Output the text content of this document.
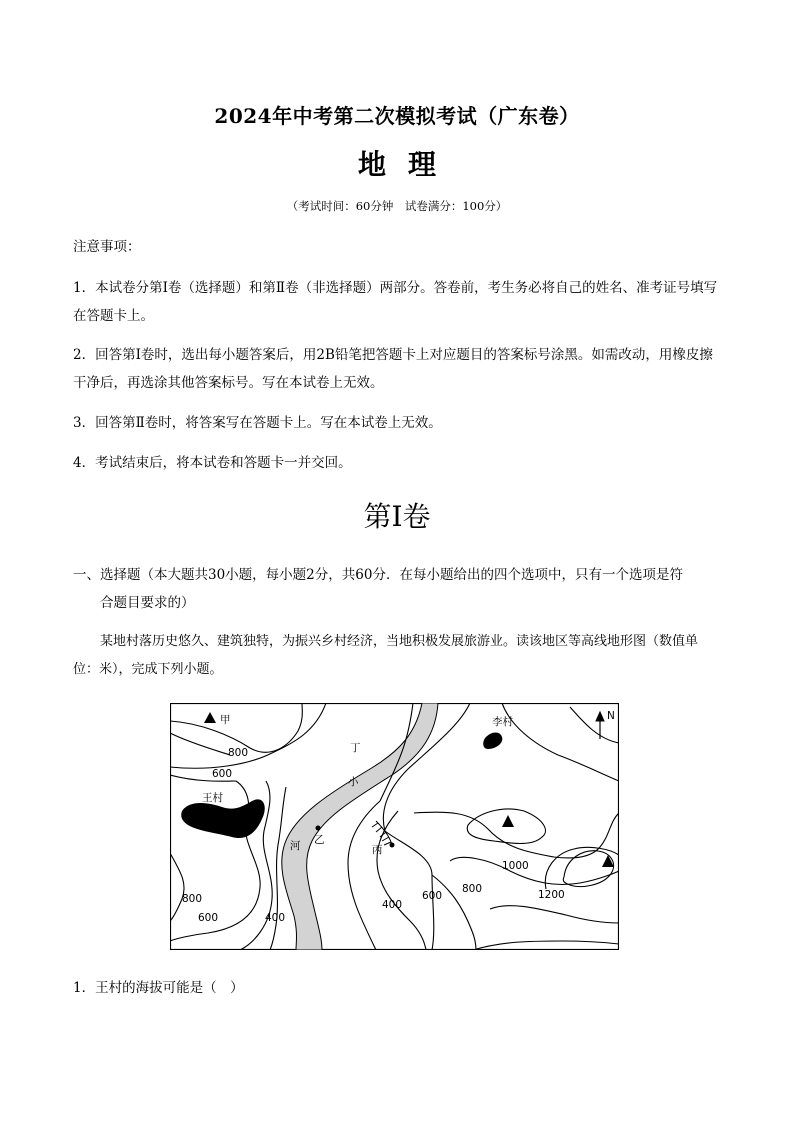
2024年中考第二次模拟考试（广东卷）
地理
（考试时间：60分钟　试卷满分：100分）
注意事项：
1．本试卷分第Ⅰ卷（选择题）和第Ⅱ卷（非选择题）两部分。答卷前，考生务必将自己的姓名、准考证号填写在答题卡上。
2．回答第Ⅰ卷时，选出每小题答案后，用2B铅笔把答题卡上对应题目的答案标号涂黑。如需改动，用橡皮擦干净后，再选涂其他答案标号。写在本试卷上无效。
3．回答第Ⅱ卷时，将答案写在答题卡上。写在本试卷上无效。
4．考试结束后，将本试卷和答题卡一并交回。
第Ⅰ卷
一、选择题（本大题共30小题，每小题2分，共60分．在每小题给出的四个选项中，只有一个选项是符
合题目要求的）
某地村落历史悠久、建筑独特，为振兴乡村经济，当地积极发展旅游业。读该地区等高线地形图（数值单位：米），完成下列小题。
甲
丁
王村
李村	N
小
河 乙
丙
800
600
800
600	400
400
600
800
1000
1200
1．王村的海拔可能是（　）
